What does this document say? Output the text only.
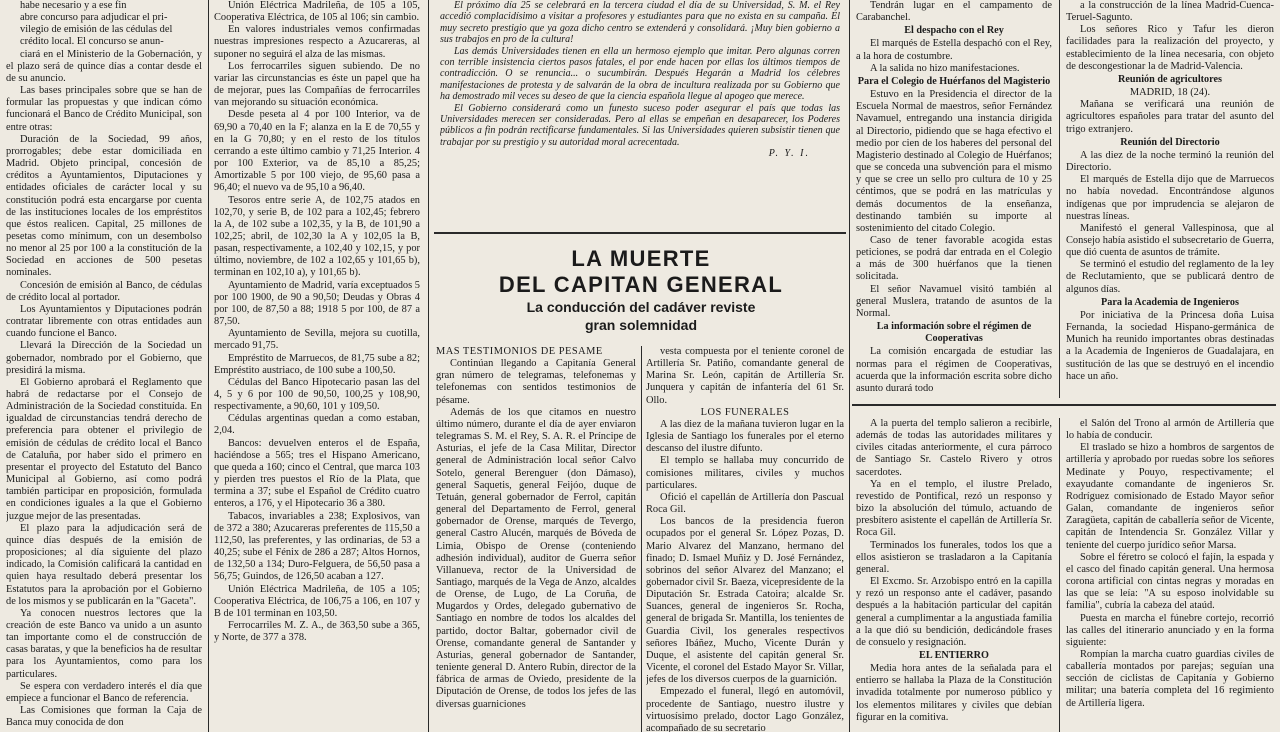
habe necesario y a ese fin

abre concurso para adjudicar el pri-

vilegio de emisión de las cédulas del

crédito local. El concurso se anun-

ciará en el Ministerio de la Gobernación, y el plazo será de quince días a contar desde el de su anuncio.

Las bases principales sobre que se han de formular las propuestas y que indican cómo funcionará el Banco de Crédito Municipal, son entre otras:

Duración de la Sociedad, 99 años, prorrogables; debe estar domiciliada en Madrid. Objeto principal, concesión de créditos a Ayuntamientos, Diputaciones y entidades oficiales de carácter local y su constitución podrá esta encargarse por cuenta de las instituciones locales de los empréstitos que éstos realicen. Capital, 25 millones de pesetas como mínimum, con un desembolso no menor al 25 por 100 a la constitución de la Sociedad en acciones de 500 pesetas nominales.

Concesión de emisión al Banco, de cédulas de crédito local al portador.

Los Ayuntamientos y Diputaciones podrán contratar libremente con otras entidades aun cuando funcione el Banco.

Llevará la Dirección de la Sociedad un gobernador, nombrado por el Gobierno, que presidirá la misma.

El Gobierno aprobará el Reglamento que habrá de redactarse por el Consejo de Administración de la Sociedad constituída. En igualdad de circunstancias tendrá derecho de preferencia para obtener el privilegio de emisión de cédulas de crédito local el Banco de Cataluña, por haber sido el primero en presentar el proyecto del Estatuto del Banco Municipal al Gobierno, así como podrá también participar en proposición, formulada en condiciones iguales a la que el Gobierno juzgue mejor de las presentadas.

El plazo para la adjudicación será de quince días después de la emisión de proposiciones; al día siguiente del plazo indicado, la Comisión calificará la cantidad en quien haya resultado deberá presentar los Estatutos para la aprobación por el Gobierno de los mismos y se publicarán en la "Gaceta".

Ya conocen nuestros lectores que la creación de este Banco va unido a un asunto tan importante como el de construcción de casas baratas, y que la beneficios ha de resultar para los Ayuntamientos, como para los particulares.

Se espera con verdadero interés el día que empiece a funcionar el Banco de referencia.

Las Comisiones que forman la Caja de Banca muy conocida de don

Unión Eléctrica Madrileña, de 105 a 105, Cooperativa Eléctrica, de 105 al 106; sin cambio.

En valores industriales vemos confirmadas nuestras impresiones respecto a Azucareras, al suponer no seguirá el alza de las mismas.

Los ferrocarriles siguen subiendo. De no variar las circunstancias es éste un papel que ha de mejorar, pues las Compañías de ferrocarriles van mejorando su situación económica.

Desde peseta al 4 por 100 Interior, va de 69,90 a 70,40 en la F; alanza en la E de 70,55 y en la G 70,80; y en el resto de los títulos cerrando a este último cambio y 71,25 Interior. 4 por 100 Exterior, va de 85,10 a 85,25; Amortizable 5 por 100 viejo, de 95,60 pasa a 96,40; el nuevo va de 95,10 a 96,40.

Tesoros entre serie A, de 102,75 atados en 102,70, y serie B, de 102 para a 102,45; febrero la A, de 102 sube a 102,35, y la B, de 101,90 a 102,25; abril, de 102,30 la A y 102,05 la B, pasan, respectivamente, a 102,40 y 102,15, y por último, noviembre, de 102 a 102,65 y 101,65 b), terminan en 102,10 a), y 101,65 b).

Ayuntamiento de Madrid, varía exceptuados 5 por 100 1900, de 90 a 90,50; Deudas y Obras 4 por 100, de 87,50 a 88; 1918 5 por 100, de 87 a 87,50.

Ayuntamiento de Sevilla, mejora su cuotilla, mercado 91,75.

Empréstito de Marruecos, de 81,75 sube a 82; Empréstito austriaco, de 100 sube a 100,50.

Cédulas del Banco Hipotecario pasan las del 4, 5 y 6 por 100 de 90,50, 100,25 y 108,90, respectivamente, a 90,60, 101 y 109,50.

Cédulas argentinas quedan a como estaban, 2,04.

Bancos: devuelven enteros el de España, haciéndose a 565; tres el Hispano Americano, que queda a 160; cinco el Central, que marca 103 y pierden tres puestos el Río de la Plata, que termina a 37; sube el Español de Crédito cuatro enteros, a 176, y el Hipotecario 36 a 380.

Tabacos, invariables a 238; Explosivos, van de 372 a 380; Azucareras preferentes de 115,50 a 112,50, las preferentes, y las ordinarias, de 53 a 40,25; sube el Fénix de 286 a 287; Altos Hornos, de 132,50 a 134; Duro-Felguera, de 56,50 pasa a 56,75; Guindos, de 126,50 acaban a 127.

Unión Eléctrica Madrileña, de 105 a 105; Cooperativa Eléctrica, de 106,75 a 106, en 107 y B de 101 terminan en 103,50.

Ferrocarriles M. Z. A., de 363,50 sube a 365, y Norte, de 377 a 378.

El próximo día 25 se celebrará en la tercera ciudad el día de su Universidad, S. M. el Rey accedió complacidísimo a visitar a profesores y estudiantes para que no exista en su campaña. El muy secreto prestigio que ya goza dicho centro se extenderá y consolidará. ¡Muy bien gobierno a sus trabajos en pro de la cultura!

Las demás Universidades tienen en ella un hermoso ejemplo que imitar. Pero algunas corren con terrible insistencia ciertos pasos fatales, el por ende hacen por ellas los últimos tiempos de contradicción. O se renuncia... o sucumbirán. Después Hegarán a Madrid los célebres manifestaciones de protesta y de salvarán de la obra de incultura realizada por su Gobierno que ha demostrado mil veces su deseo de que la ciencia española llegue al apogeo que merece.

El Gobierno considerará como un funesto suceso poder asegurar el país que todas las Universidades merecen ser consideradas. Pero al ellas se empeñan en desaparecer, los Poderes públicos a fin podrán rectificarse fundamentales. Si las Universidades quieren subsistir tienen que trabajar por su prestigio y su autoridad moral acrecentada.

P. Y. I.

LA MUERTE
DEL CAPITAN GENERAL
La conducción del cadáver reviste
gran solemnidad

MAS TESTIMONIOS DE PESAME

Continúan llegando a Capitanía General gran número de telegramas, telefonemas y telefonemas con sentidos testimonios de pésame.

Además de los que citamos en nuestro último número, durante el día de ayer enviaron telegramas S. M. el Rey, S. A. R. el Príncipe de Asturias, el jefe de la Casa Militar, Director general de Administración local señor Calvo Sotelo, general Berenguer (don Dámaso), general Saquetis, general Feijóo, duque de Tetuán, general gobernador de Ferrol, capitán general del Departamento de Ferrol, general gobernador de Orense, marqués de Tevergo, general Castro Alucén, marqués de Bóveda de Limia, Obispo de Orense (conteniendo adhesión individual), auditor de Guerra señor Villanueva, rector de la Universidad de Santiago, marqués de la Vega de Anzo, alcaldes de Orense, de Lugo, de La Coruña, de Mugardos y Ordes, delegado gubernativo de Santiago en nombre de todos los alcaldes del partido, doctor Baltar, gobernador civil de Orense, comandante general de Santander y Asturias, general gobernador de Santander, teniente general D. Antero Rubín, director de la fábrica de armas de Oviedo, presidente de la Diputación de Orense, de todos los jefes de las diversas guarniciones

vesta compuesta por el teniente coronel de Artillería Sr. Patiño, comandante general de Marina Sr. León, capitán de Artillería Sr. Junquera y capitán de infantería del 61 Sr. Ollo.

LOS FUNERALES

A las diez de la mañana tuvieron lugar en la Iglesia de Santiago los funerales por el eterno descanso del ilustre difunto.

El templo se hallaba muy concurrido de comisiones militares, civiles y muchos particulares.

Ofició el capellán de Artillería don Pascual Roca Gil.

Los bancos de la presidencia fueron ocupados por el general Sr. López Pozas, D. Mario Alvarez del Manzano, hermano del finado; D. Ismael Muñiz y D. José Fernández, sobrinos del señor Alvarez del Manzano; el gobernador civil Sr. Baeza, vicepresidente de la Diputación Sr. Estrada Catoira; alcalde Sr. Suances, general de ingenieros Sr. Rocha, general de brigada Sr. Mantilla, los tenientes de Guardia Civil, los generales respectivos señores Ibáñez, Mucho, Vicente Durán y Duque, el asistente del capitán general Sr. Vicente, el coronel del Estado Mayor Sr. Villar, jefes de los diversos cuerpos de la guarnición.

Empezado el funeral, llegó en automóvil, procedente de Santiago, nuestro ilustre y virtuosísimo prelado, doctor Lago González, acompañado de su secretario

Tendrán lugar en el campamento de Carabanchel.

El despacho con el Rey

El marqués de Estella despachó con el Rey, a la hora de costumbre.

A la salida no hizo manifestaciones.

Para el Colegio de Huérfanos del Magisterio

Estuvo en la Presidencia el director de la Escuela Normal de maestros, señor Fernández Navamuel, entregando una instancia dirigida al Directorio, pidiendo que se haga efectivo el medio por cien de los haberes del personal del Magisterio destinado al Colegio de Huérfanos; que se conceda una subvención para el mismo y que se cree un sello pro cultura de 10 y 25 céntimos, que se podrá en las matrículas y demás documentos de la enseñanza, destinando también su importe al sostenimiento del citado Colegio.

Caso de tener favorable acogida estas peticiones, se podrá dar entrada en el Colegio a más de 300 huérfanos que la tienen solicitada.

El señor Navamuel visitó también al general Muslera, tratando de asuntos de la Normal.

La información sobre el régimen de Cooperativas

La comisión encargada de estudiar las normas para el régimen de Cooperativas, acuerda que la información escrita sobre dicho asunto durará todo

a la construcción de la línea Madrid-Cuenca-Teruel-Sagunto.

Los señores Rico y Tafur les dieron facilidades para la realización del proyecto, y establecimiento de la línea necesaria, con objeto de descongestionar la de Madrid-Valencia.

Reunión de agricultores

MADRID, 18 (24).

Mañana se verificará una reunión de agricultores españoles para tratar del asunto del trigo extranjero.

Reunión del Directorio

A las diez de la noche terminó la reunión del Directorio.

El marqués de Estella dijo que de Marruecos no había novedad. Encontrándose algunos indígenas que por imprudencia se alejaron de nuestras líneas.

Manifestó el general Vallespinosa, que al Consejo había asistido el subsecretario de Guerra, que dió cuenta de asuntos de trámite.

Se terminó el estudio del reglamento de la ley de Reclutamiento, que se publicará dentro de algunos días.

Para la Academia de Ingenieros

Por iniciativa de la Princesa doña Luisa Fernanda, la sociedad Hispano-germánica de Munich ha reunido importantes obras destinadas a la Academia de Ingenieros de Guadalajara, en sustitución de las que se destruyó en el incendio hace un año.

A la puerta del templo salieron a recibirle, además de todas las autoridades militares y civiles citadas anteriormente, el cura párroco de Santiago Sr. Castelo Rivero y otros sacerdotes.

Ya en el templo, el ilustre Prelado, revestido de Pontifical, rezó un responso y bizo la absolución del túmulo, actuando de presbítero asistente el capellán de Artillería Sr. Roca Gil.

Terminados los funerales, todos los que a ellos asistieron se trasladaron a la Capitanía general.

El Excmo. Sr. Arzobispo entró en la capilla y rezó un responso ante el cadáver, pasando después a la habitación particular del capitán general a cumplimentar a la angustiada familia a la que dió su bendición, dedicándole frases de consuelo y resignación.

EL ENTIERRO

Media hora antes de la señalada para el entierro se hallaba la Plaza de la Constitución invadida totalmente por numeroso público y los elementos militares y civiles que debían figurar en la comitiva.

el Salón del Trono al armón de Artillería que lo había de conducir.

El traslado se hizo a hombros de sargentos de artillería y aprobado por ruedas sobre los señores Medinate y Pouyo, respectivamente; el exayudante comandante de ingenieros Sr. Rodríguez comisionado de Estado Mayor señor Galan, comandante de ingenieros señor Zaragüeta, capitán de caballería señor de Vicente, capitán de Intendencia Sr. González Villar y teniente del cuerpo jurídico señor Marsa.

Sobre el féretro se colocó el fajín, la espada y el casco del finado capitán general. Una hermosa corona artificial con cintas negras y moradas en las que se leía: "A su esposo inolvidable su familia", cubría la cabeza del ataúd.

Puesta en marcha el fúnebre cortejo, recorrió las calles del itinerario anunciado y en la forma siguiente:

Rompían la marcha cuatro guardias civiles de caballería montados por parejas; seguían una sección de ciclistas de Capitanía y Gobierno militar; una batería completa del 16 regimiento de Artillería ligera.
